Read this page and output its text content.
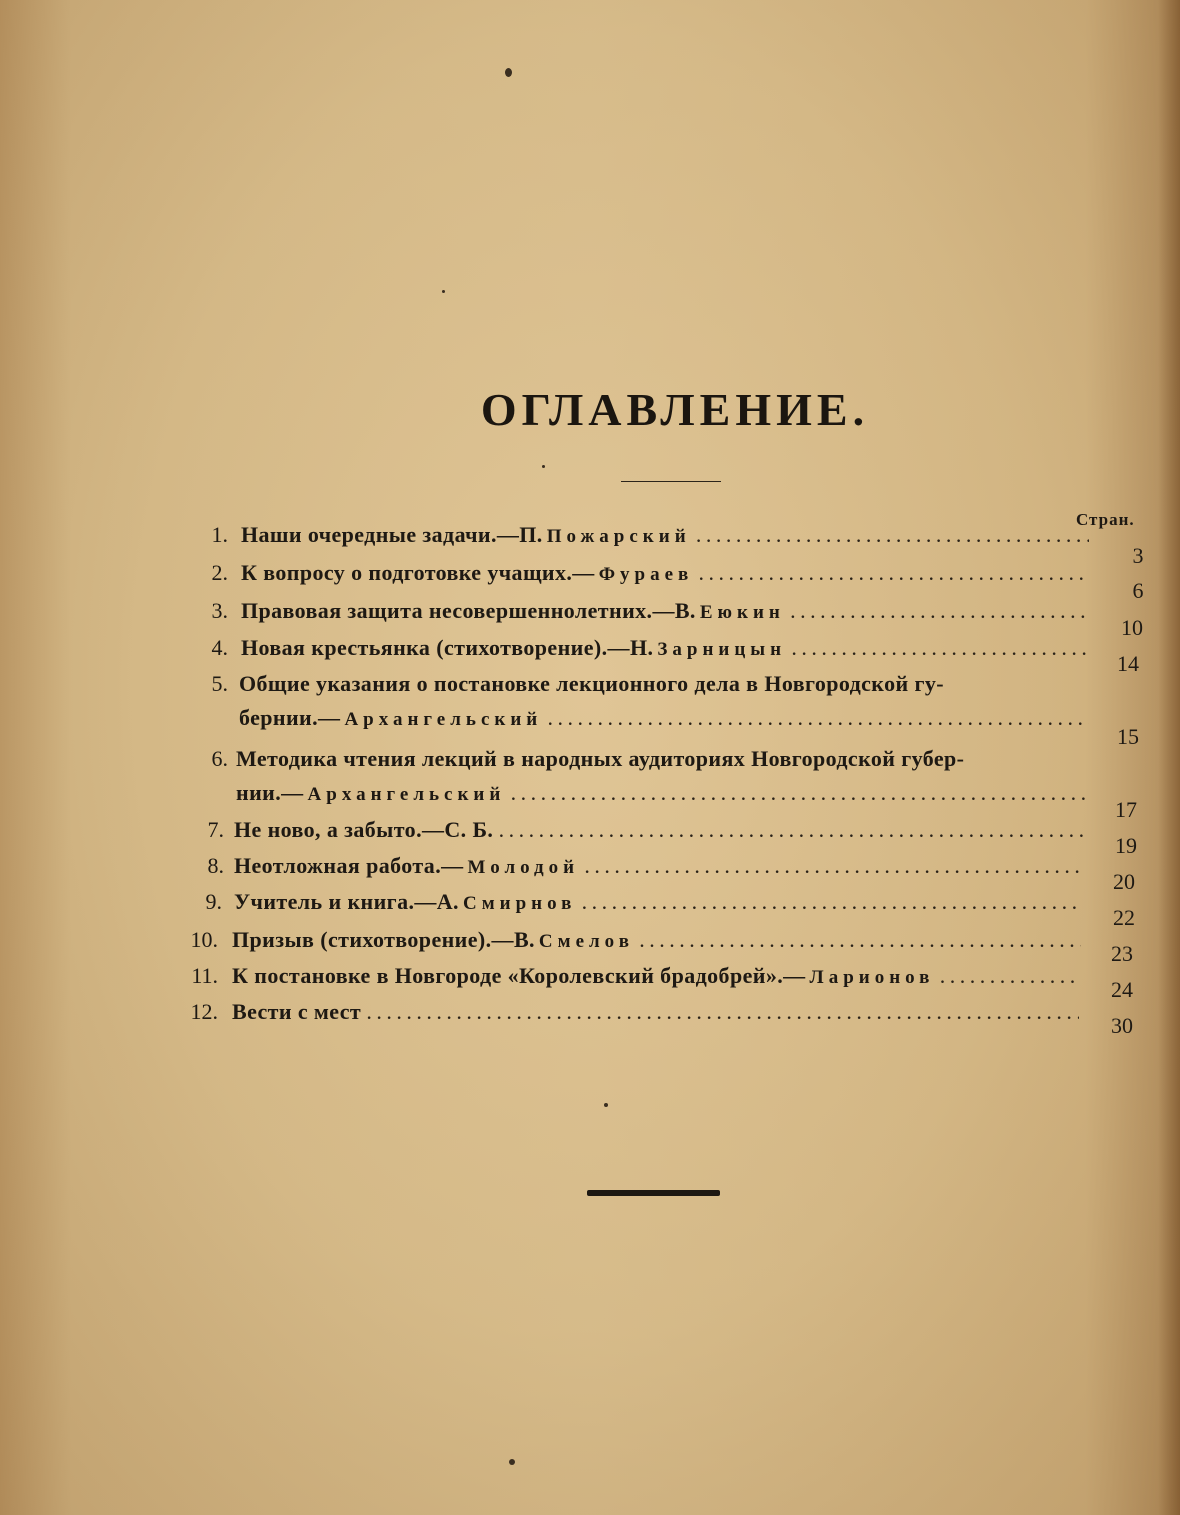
ОГЛАВЛЕНИЕ.
Стран.
1. Наши очередные задачи.—П. Пожарский
.....
3
2. К вопросу о подготовке учащих.— Фураев
.....
6
3. Правовая защита несовершеннолетних.—В. Еюкин
.....
10
4. Новая крестьянка (стихотворение).—Н. Зарницын
.....
14
5. Общие указания о постановке лекционного дела в Новгородской гу-
бернии.— Архангельский
.....
15
6. Методика чтения лекций в народных аудиториях Новгородской губер-
нии.— Архангельский
.....
17
7. Не ново, а забыто.—С. Б.
.....
19
8. Неотложная работа.— Молодой
.....
20
9. Учитель и книга.—А. Смирнов
.....
22
10. Призыв (стихотворение).—В. Смелов .....	23
11. К постановке в Новгороде «Королевский брадобрей».— Ларионов .....	24
12. Вести с мест
.....
30
